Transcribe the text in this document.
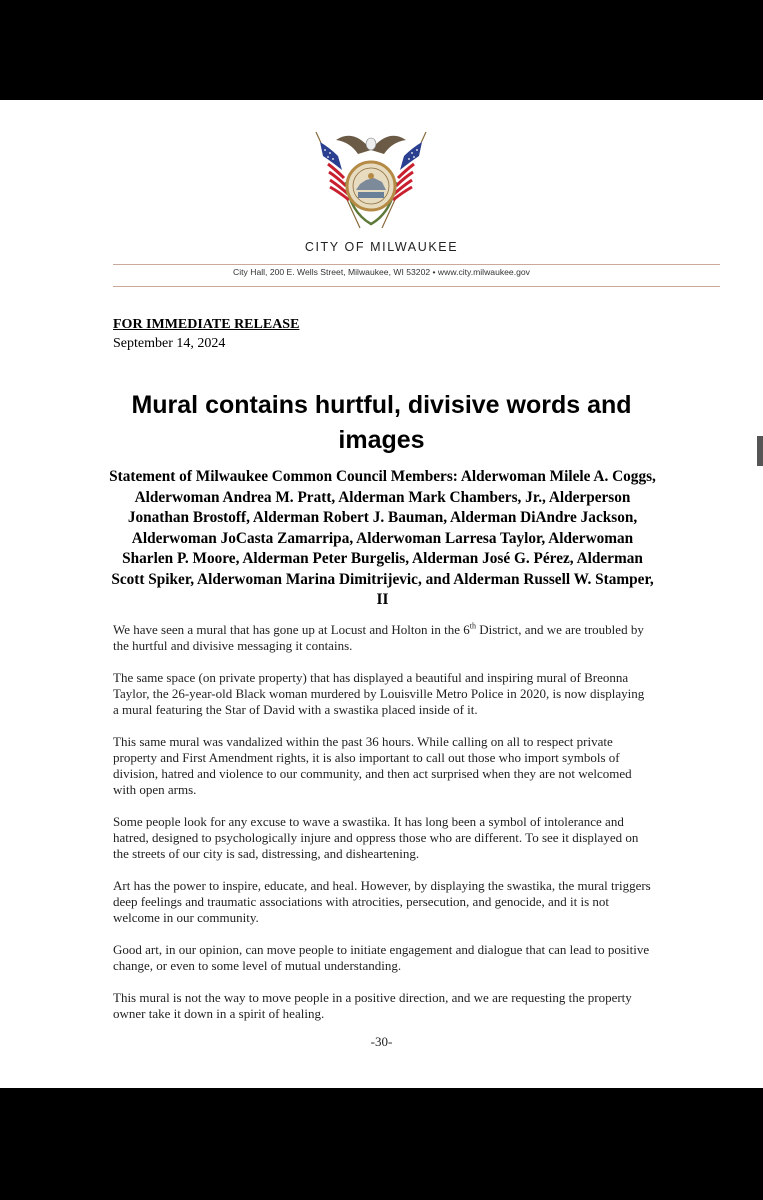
CITY OF MILWAUKEE
City Hall, 200 E. Wells Street, Milwaukee, WI 53202 • www.city.milwaukee.gov
FOR IMMEDIATE RELEASE
September 14, 2024
Mural contains hurtful, divisive words and images
Statement of Milwaukee Common Council Members: Alderwoman Milele A. Coggs, Alderwoman Andrea M. Pratt, Alderman Mark Chambers, Jr., Alderperson Jonathan Brostoff, Alderman Robert J. Bauman, Alderman DiAndre Jackson, Alderwoman JoCasta Zamarripa, Alderwoman Larresa Taylor, Alderwoman Sharlen P. Moore, Alderman Peter Burgelis, Alderman José G. Pérez, Alderman Scott Spiker, Alderwoman Marina Dimitrijevic, and Alderman Russell W. Stamper, II

We have seen a mural that has gone up at Locust and Holton in the 6th District, and we are troubled by the hurtful and divisive messaging it contains.

The same space (on private property) that has displayed a beautiful and inspiring mural of Breonna Taylor, the 26-year-old Black woman murdered by Louisville Metro Police in 2020, is now displaying a mural featuring the Star of David with a swastika placed inside of it.

This same mural was vandalized within the past 36 hours. While calling on all to respect private property and First Amendment rights, it is also important to call out those who import symbols of division, hatred and violence to our community, and then act surprised when they are not welcomed with open arms.

Some people look for any excuse to wave a swastika. It has long been a symbol of intolerance and hatred, designed to psychologically injure and oppress those who are different. To see it displayed on the streets of our city is sad, distressing, and disheartening.

Art has the power to inspire, educate, and heal. However, by displaying the swastika, the mural triggers deep feelings and traumatic associations with atrocities, persecution, and genocide, and it is not welcome in our community.

Good art, in our opinion, can move people to initiate engagement and dialogue that can lead to positive change, or even to some level of mutual understanding.

This mural is not the way to move people in a positive direction, and we are requesting the property owner take it down in a spirit of healing.

-30-
